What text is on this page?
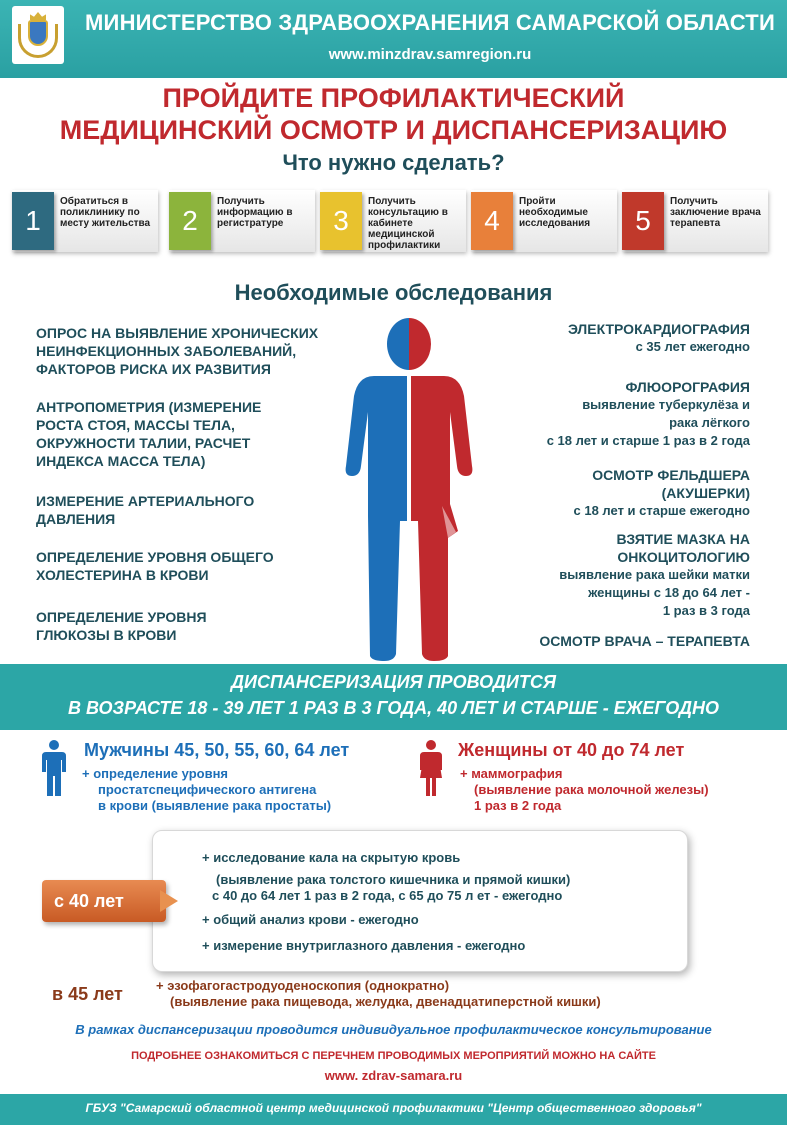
МИНИСТЕРСТВО ЗДРАВООХРАНЕНИЯ САМАРСКОЙ ОБЛАСТИ
www.minzdrav.samregion.ru
ПРОЙДИТЕ ПРОФИЛАКТИЧЕСКИЙ
МЕДИЦИНСКИЙ ОСМОТР И ДИСПАНСЕРИЗАЦИЮ
Что нужно сделать?
1
Обратиться в поликлинику по месту жительства	2
Получить информацию в регистратуре	3
Получить консультацию в кабинете медицинской профилактики
4
Пройти необходимые исследования	5
Получить заключение врача терапевта
Необходимые обследования
ОПРОС НА ВЫЯВЛЕНИЕ ХРОНИЧЕСКИХ
НЕИНФЕКЦИОННЫХ ЗАБОЛЕВАНИЙ,
ФАКТОРОВ РИСКА ИХ РАЗВИТИЯ
АНТРОПОМЕТРИЯ (ИЗМЕРЕНИЕ
РОСТА СТОЯ, МАССЫ ТЕЛА,
ОКРУЖНОСТИ ТАЛИИ, РАСЧЕТ
ИНДЕКСА МАССА ТЕЛА)
ИЗМЕРЕНИЕ АРТЕРИАЛЬНОГО
ДАВЛЕНИЯ
ОПРЕДЕЛЕНИЕ УРОВНЯ ОБЩЕГО
ХОЛЕСТЕРИНА В КРОВИ
ОПРЕДЕЛЕНИЕ УРОВНЯ
ГЛЮКОЗЫ В КРОВИ
ЭЛЕКТРОКАРДИОГРАФИЯ
с 35 лет ежегодно
ФЛЮОРОГРАФИЯ
выявление туберкулёза и
рака лёгкого
с 18 лет и старше 1 раз в 2 года
ОСМОТР ФЕЛЬДШЕРА
(АКУШЕРКИ)
с 18 лет и старше ежегодно
ВЗЯТИЕ МАЗКА НА
ОНКОЦИТОЛОГИЮ
выявление рака шейки матки
женщины с 18 до 64 лет -
1 раз в 3 года
ОСМОТР ВРАЧА – ТЕРАПЕВТА
ДИСПАНСЕРИЗАЦИЯ ПРОВОДИТСЯ
В ВОЗРАСТЕ 18 - 39 ЛЕТ 1 РАЗ В 3 ГОДА, 40 ЛЕТ И СТАРШЕ - ЕЖЕГОДНО
Мужчины 45, 50, 55, 60, 64 лет
+ определение уровня
простатспецифического антигена
в крови (выявление рака простаты)
Женщины от 40 до 74 лет
+ маммография
(выявление рака молочной железы)
1 раз в 2 года
+ исследование кала на скрытую кровь
(выявление рака толстого кишечника и прямой кишки)
с 40 до 64 лет 1 раз в 2 года, с 65 до 75 л ет - ежегодно
+ общий анализ крови - ежегодно
+ измерение внутриглазного давления - ежегодно
с 40 лет
в 45 лет	+ эзофагогастродуоденоскопия (однократно)
(выявление рака пищевода, желудка, двенадцатиперстной кишки)
В рамках диспансеризации проводится индивидуальное профилактическое консультирование
ПОДРОБНЕЕ ОЗНАКОМИТЬСЯ С ПЕРЕЧНЕМ ПРОВОДИМЫХ МЕРОПРИЯТИЙ МОЖНО НА САЙТЕ
www. zdrav-samara.ru
ГБУЗ "Самарский областной центр медицинской профилактики "Центр общественного здоровья"
